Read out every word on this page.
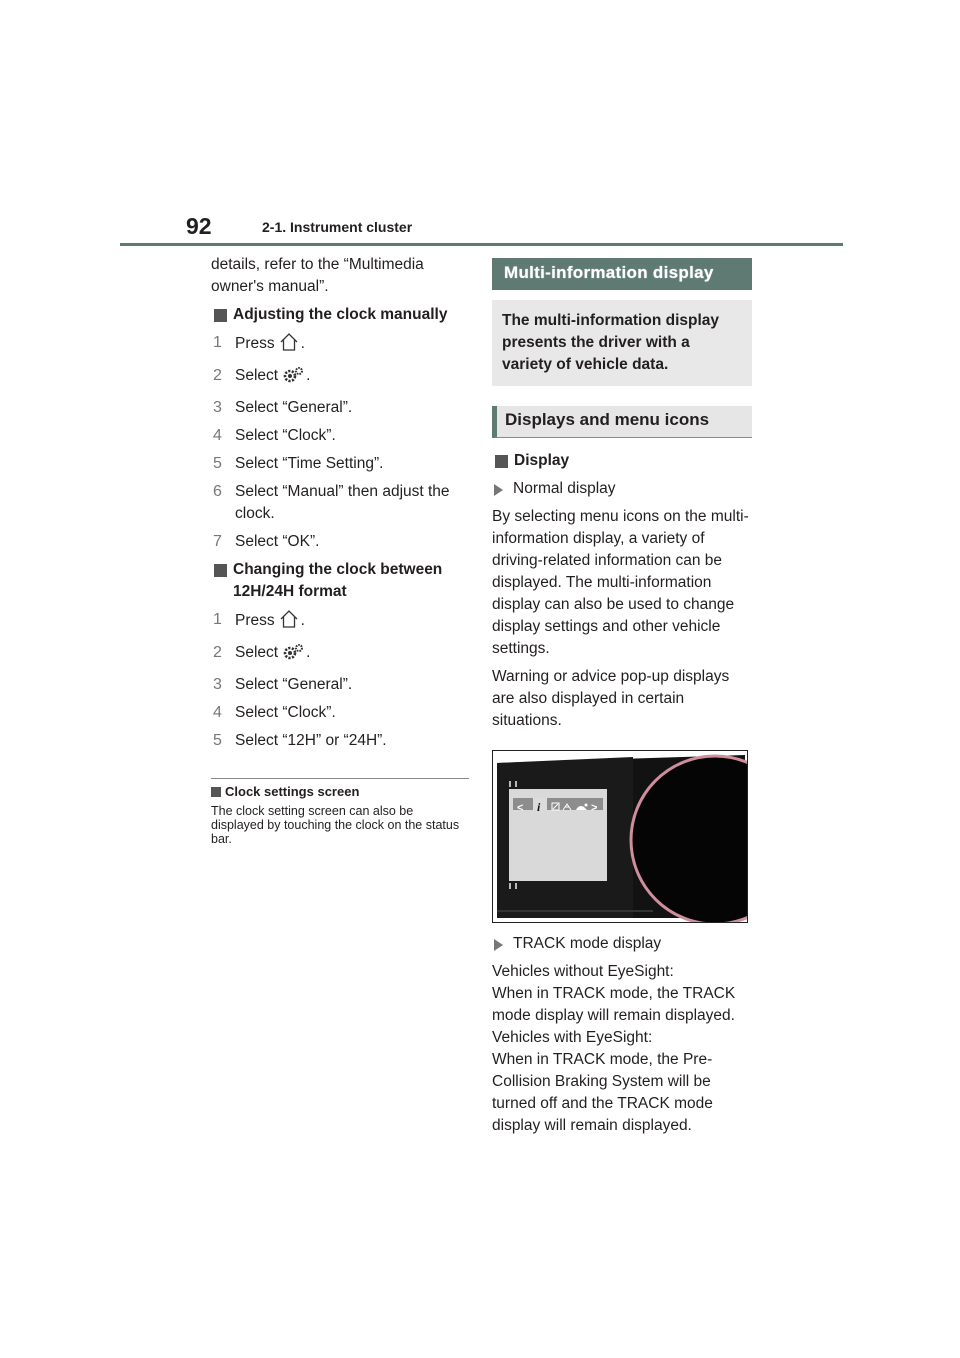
92	2-1. Instrument cluster

details, refer to the “Multimedia owner's manual”.

Adjusting the clock manually
1 Press .
2 Select .
3 Select “General”.
4 Select “Clock”.
5 Select “Time Setting”.
6 Select “Manual” then adjust the clock.
7 Select “OK”.
Changing the clock between 12H/24H format
1 Press .
2 Select .
3 Select “General”.
4 Select “Clock”.
5 Select “12H” or “24H”.
Clock settings screen

The clock setting screen can also be displayed by touching the clock on the status bar.

Multi-information display
The multi-information display presents the driver with a variety of vehicle data.
Displays and menu icons
Display
Normal display

By selecting menu icons on the multi-information display, a variety of driving-related information can be displayed. The multi-information display can also be used to change display settings and other vehicle settings.

Warning or advice pop-up displays are also displayed in certain situations.

< i	>
TRACK mode display

Vehicles without EyeSight:

When in TRACK mode, the TRACK mode display will remain displayed.

Vehicles with EyeSight:

When in TRACK mode, the Pre-Collision Braking System will be turned off and the TRACK mode display will remain displayed.
